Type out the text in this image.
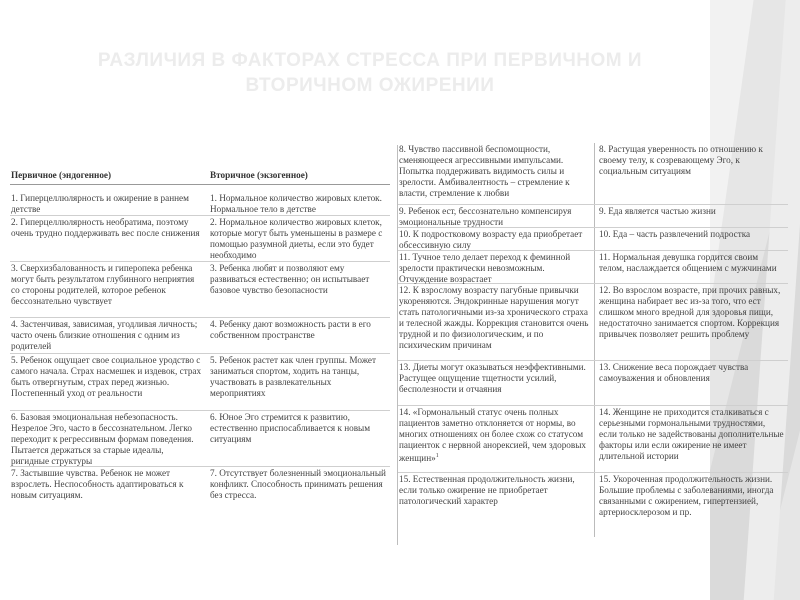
РАЗЛИЧИЯ В ФАКТОРАХ СТРЕССА ПРИ ПЕРВИЧНОМ И ВТОРИЧНОМ ОЖИРЕНИИ
Первичное (эндогенное)	Вторичное (экзогенное)

1. Гиперцеллюлярность и ожирение в раннем детстве

1. Нормальное количество жировых клеток. Нормальное тело в детстве

2. Гиперцеллюлярность необратима, поэтому очень трудно поддерживать вес после снижения

2. Нормальное количество жировых клеток, которые могут быть уменьшены в размере с помощью разумной диеты, если это будет необходимо

3. Сверхизбалованность и гиперопека ребенка могут быть результатом глубинного неприятия со стороны родителей, которое ребенок бессознательно чувствует

3. Ребенка любят и позволяют ему развиваться естественно; он испытывает базовое чувство безопасности

4. Застенчивая, зависимая, угодливая личность; часто очень близкие отношения с одним из родителей

4. Ребенку дают возможность расти в его собственном пространстве

5. Ребенок ощущает свое социальное уродство с самого начала. Страх насмешек и издевок, страх быть отвергнутым, страх перед жизнью. Постепенный уход от реальности

5. Ребенок растет как член группы. Может заниматься спортом, ходить на танцы, участвовать в развлекательных мероприятиях

6. Базовая эмоциональная небезопасность. Незрелое Эго, часто в бессознательном. Легко переходит к регрессивным формам поведения. Пытается держаться за старые идеалы, ригидные структуры

6. Юное Эго стремится к развитию, естественно приспосабливается к новым ситуациям

7. Застывшие чувства. Ребенок не может взрослеть. Неспособность адаптироваться к новым ситуациям.

7. Отсутствует болезненный эмоциональный конфликт. Способность принимать решения без стресса.

8. Чувство пассивной беспомощности, сменяющееся агрессивными импульсами. Попытка поддерживать видимость силы и зрелости. Амбивалентность – стремление к власти, стремление к любви

8. Растущая уверенность по отношению к своему телу, к созревающему Эго, к социальным ситуациям

9. Ребенок ест, бессознательно компенсируя эмоциональные трудности

9. Еда является частью жизни

10. К подростковому возрасту еда приобретает обсессивную силу

10. Еда – часть развлечений подростка

11. Тучное тело делает переход к феминной зрелости практически невозможным. Отчуждение возрастает

11. Нормальная девушка гордится своим телом, наслаждается общением с мужчинами

12. К взрослому возрасту пагубные привычки укореняются. Эндокринные нарушения могут стать патологичными из-за хронического страха и телесной жажды. Коррекция становится очень трудной и по физиологическим, и по психическим причинам

12. Во взрослом возрасте, при прочих равных, женщина набирает вес из-за того, что ест слишком много вредной для здоровья пищи, недостаточно занимается спортом. Коррекция привычек позволяет решить проблему

13. Диеты могут оказываться неэффективными. Растущее ощущение тщетности усилий, бесполезности и отчаяния

13. Снижение веса порождает чувства самоуважения и обновления

14. «Гормональный статус очень полных пациентов заметно отклоняется от нормы, во многих отношениях он более схож со статусом пациенток с нервной анорексией, чем здоровых женщин»$^1$

14. Женщине не приходится сталкиваться с серьезными гормональными трудностями, если только не задействованы дополнительные факторы или если ожирение не имеет длительной истории

15. Естественная продолжительность жизни, если только ожирение не приобретает патологический характер

15. Укороченная продолжительность жизни. Большие проблемы с заболеваниями, иногда связанными с ожирением, гипертензией, артериосклерозом и пр.
